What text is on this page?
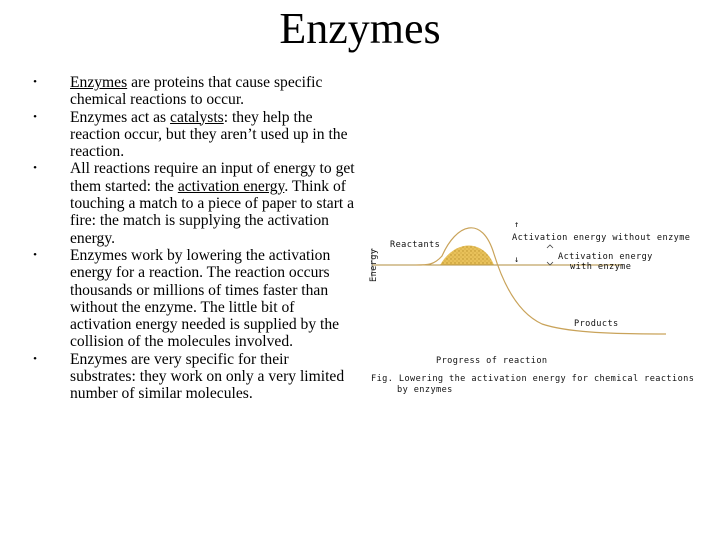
Enzymes
•	Enzymes are proteins that cause specific chemical reactions to occur.
•	Enzymes act as catalysts: they help the reaction occur, but they aren’t used up in the reaction.
•	All reactions require an input of energy to get them started: the activation energy. Think of touching a match to a piece of paper to start a fire: the match is supplying the activation energy.
•	Enzymes work by lowering the activation energy for a reaction. The reaction occurs thousands or millions of times faster than without the enzyme. The little bit of activation energy needed is supplied by the collision of the molecules involved.
•	Enzymes are very specific for their substrates: they work on only a very limited number of similar molecules.
Energy
Reactants
Products
Progress of reaction
↑
↓
Activation energy without enzyme
Activation energy
with enzyme
Fig. Lowering the activation energy for chemical reactions
by enzymes
